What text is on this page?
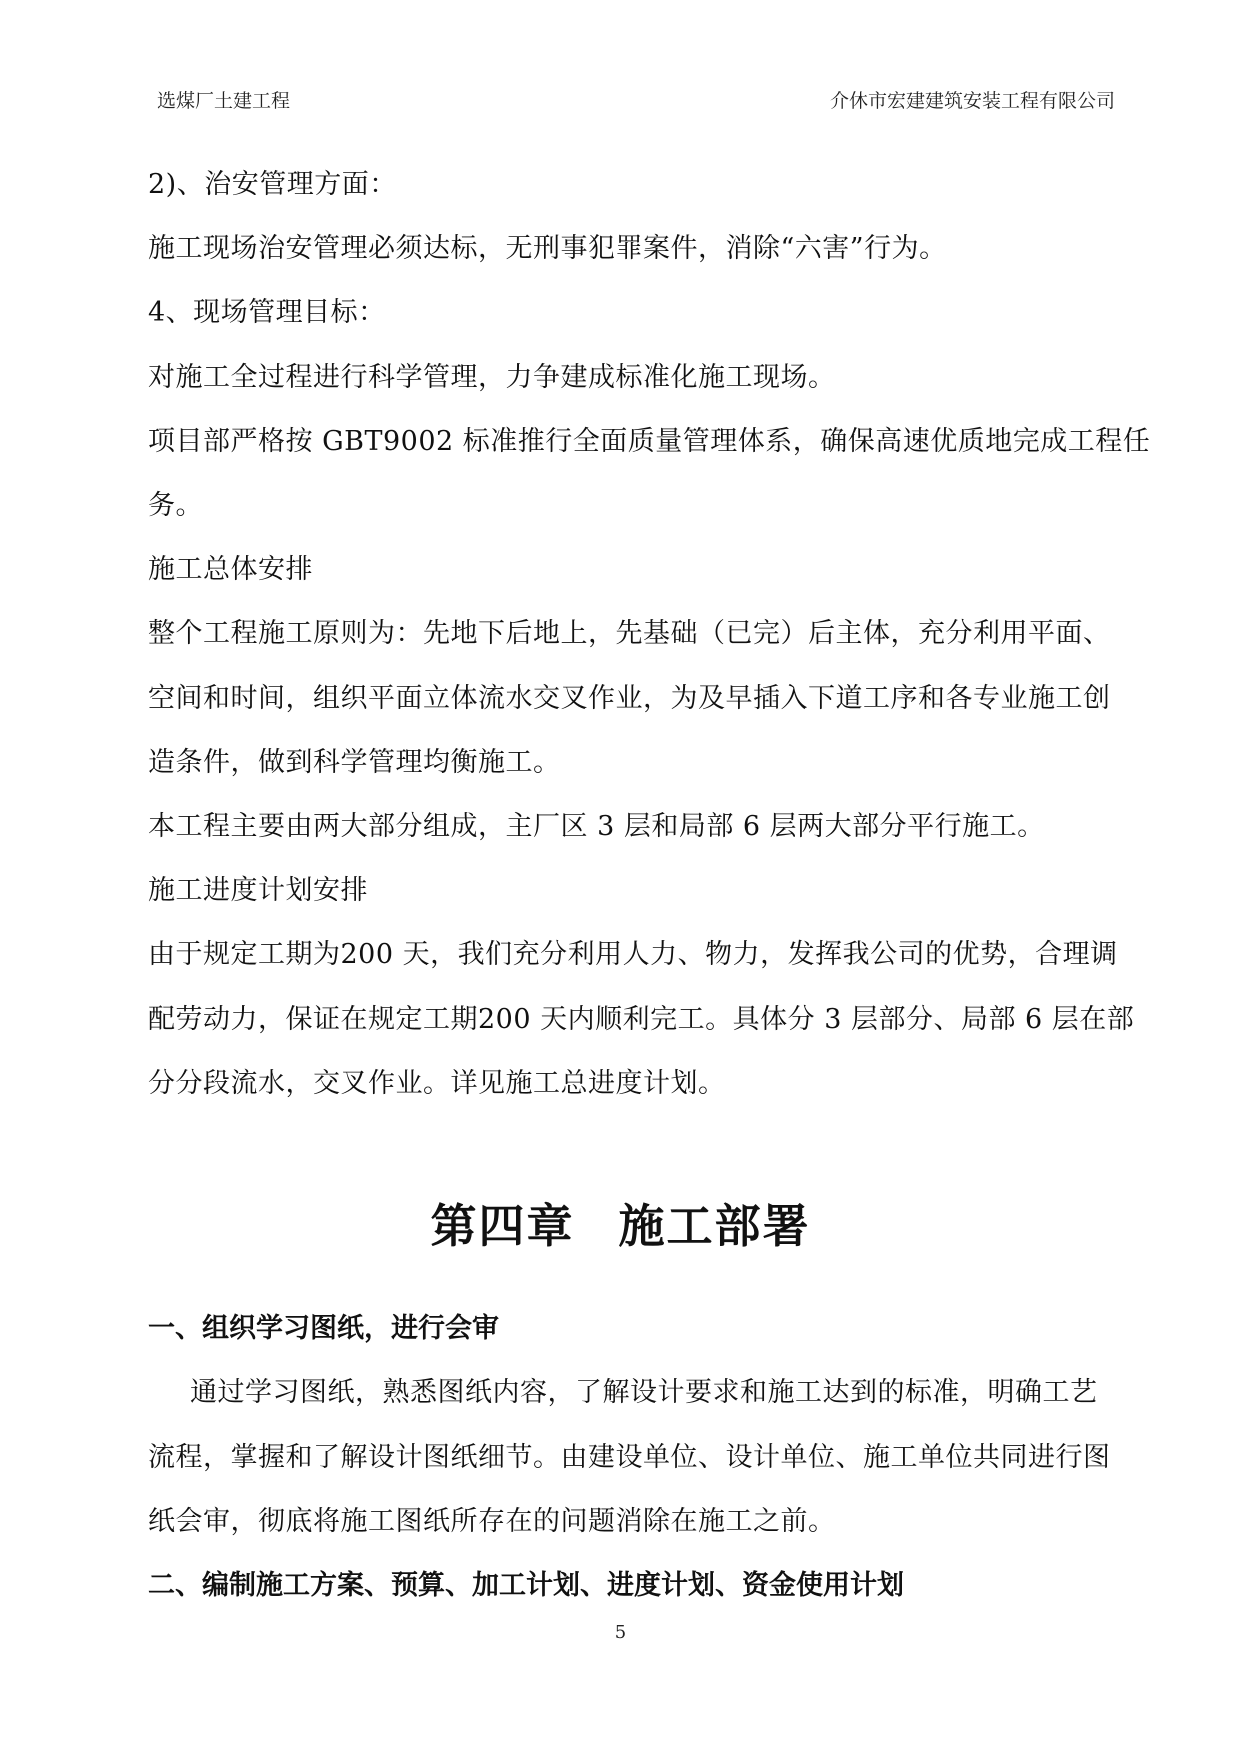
选煤厂土建工程	介休市宏建建筑安装工程有限公司
2)、治安管理方面：
施工现场治安管理必须达标，无刑事犯罪案件，消除“六害”行为。
4、现场管理目标：
对施工全过程进行科学管理，力争建成标准化施工现场。
项目部严格按 GBT9002 标准推行全面质量管理体系，确保高速优质地完成工程任
务。
施工总体安排
整个工程施工原则为：先地下后地上，先基础（已完）后主体，充分利用平面、
空间和时间，组织平面立体流水交叉作业，为及早插入下道工序和各专业施工创
造条件，做到科学管理均衡施工。
本工程主要由两大部分组成，主厂区 3 层和局部 6 层两大部分平行施工。
施工进度计划安排
由于规定工期为200 天，我们充分利用人力、物力，发挥我公司的优势，合理调
配劳动力，保证在规定工期200 天内顺利完工。具体分 3 层部分、局部 6 层在部
分分段流水，交叉作业。详见施工总进度计划。
第四章 施工部署
一、组织学习图纸，进行会审
通过学习图纸，熟悉图纸内容，了解设计要求和施工达到的标准，明确工艺
流程，掌握和了解设计图纸细节。由建设单位、设计单位、施工单位共同进行图
纸会审，彻底将施工图纸所存在的问题消除在施工之前。
二、编制施工方案、预算、加工计划、进度计划、资金使用计划
5
